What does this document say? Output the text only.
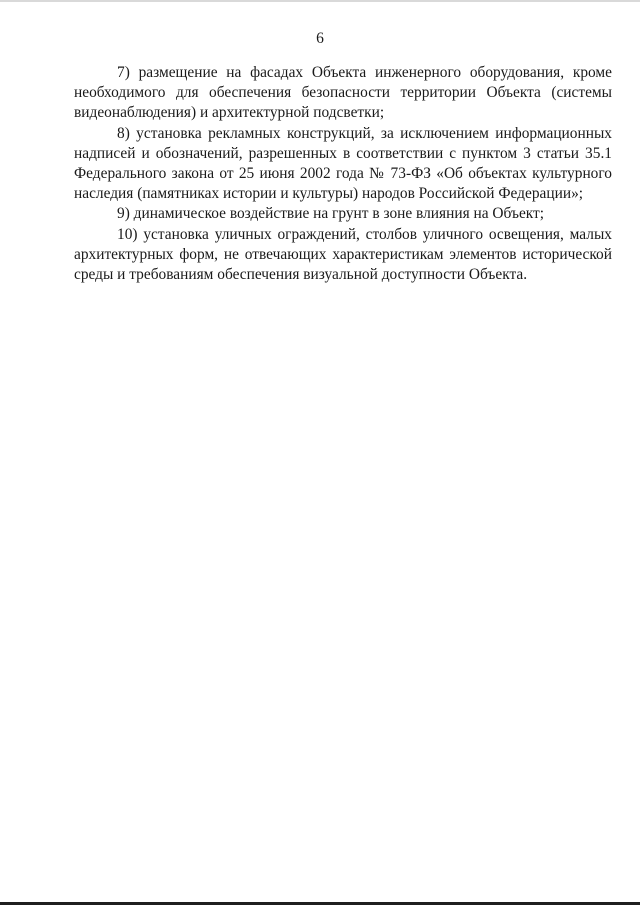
6

7) размещение на фасадах Объекта инженерного оборудования, кроме необходимого для обеспечения безопасности территории Объекта (системы видеонаблюдения) и архитектурной подсветки;

8) установка рекламных конструкций, за исключением информационных надписей и обозначений, разрешенных в соответствии с пунктом 3 статьи 35.1 Федерального закона от 25 июня 2002 года № 73-ФЗ «Об объектах культурного наследия (памятниках истории и культуры) народов Российской Федерации»;

9) динамическое воздействие на грунт в зоне влияния на Объект;

10) установка уличных ограждений, столбов уличного освещения, малых архитектурных форм, не отвечающих характеристикам элементов исторической среды и требованиям обеспечения визуальной доступности Объекта.
